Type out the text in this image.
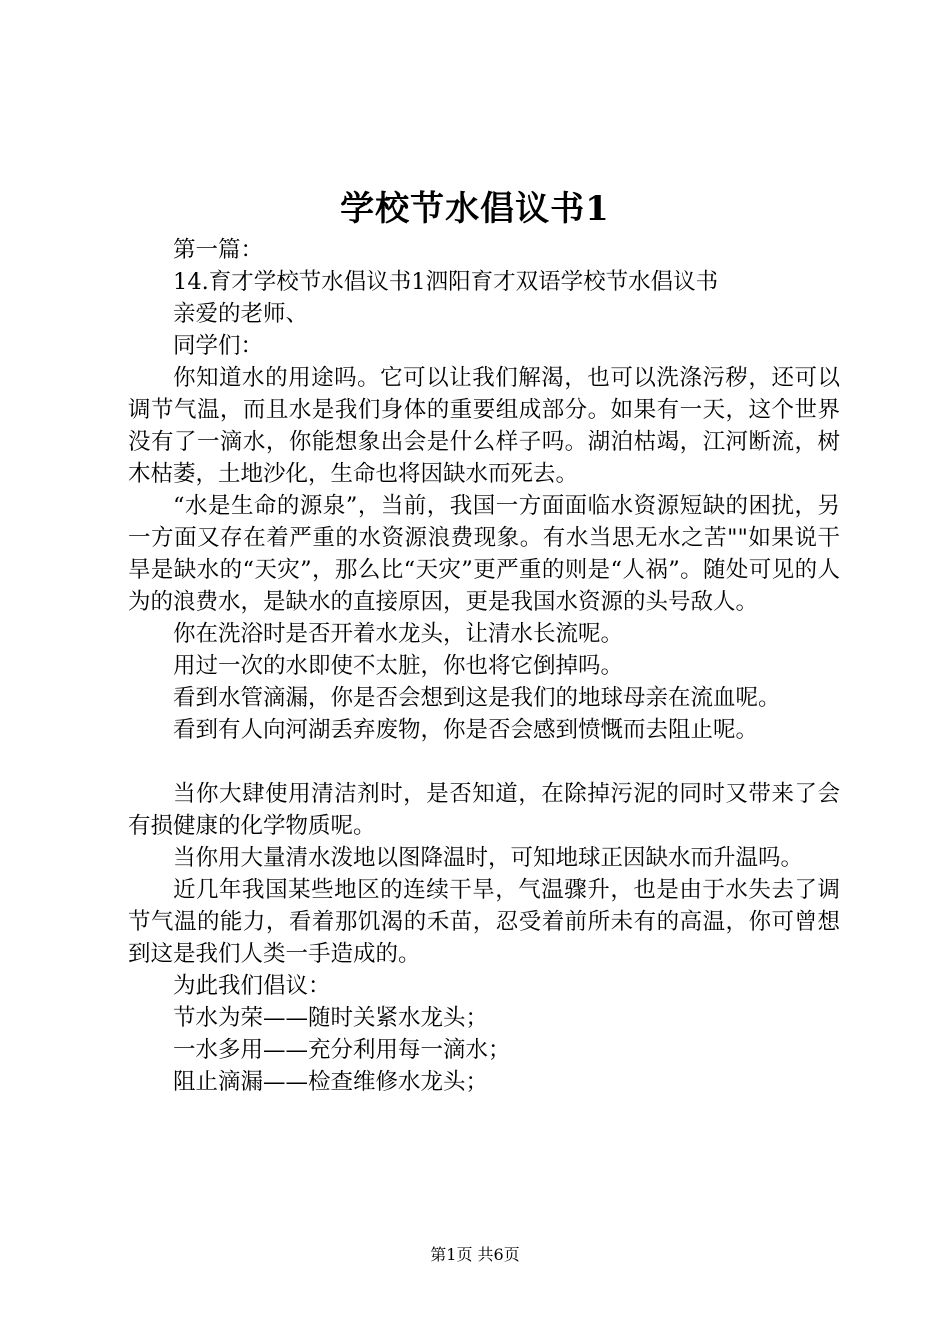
学校节水倡议书1

第一篇：

14.育才学校节水倡议书1泗阳育才双语学校节水倡议书

亲爱的老师、

同学们：

你知道水的用途吗。它可以让我们解渴，也可以洗涤污秽，还可以调节气温，而且水是我们身体的重要组成部分。如果有一天，这个世界没有了一滴水，你能想象出会是什么样子吗。湖泊枯竭，江河断流，树木枯萎，土地沙化，生命也将因缺水而死去。

“水是生命的源泉”，当前，我国一方面面临水资源短缺的困扰，另一方面又存在着严重的水资源浪费现象。有水当思无水之苦""如果说干旱是缺水的“天灾”，那么比“天灾”更严重的则是“人祸”。随处可见的人为的浪费水，是缺水的直接原因，更是我国水资源的头号敌人。

你在洗浴时是否开着水龙头，让清水长流呢。

用过一次的水即使不太脏，你也将它倒掉吗。

看到水管滴漏，你是否会想到这是我们的地球母亲在流血呢。

看到有人向河湖丢弃废物，你是否会感到愤慨而去阻止呢。

当你大肆使用清洁剂时，是否知道，在除掉污泥的同时又带来了会有损健康的化学物质呢。

当你用大量清水泼地以图降温时，可知地球正因缺水而升温吗。

近几年我国某些地区的连续干旱，气温骤升，也是由于水失去了调节气温的能力，看着那饥渴的禾苗，忍受着前所未有的高温，你可曾想到这是我们人类一手造成的。

为此我们倡议：

节水为荣——随时关紧水龙头；

一水多用——充分利用每一滴水；

阻止滴漏——检查维修水龙头；

第1页 共6页
